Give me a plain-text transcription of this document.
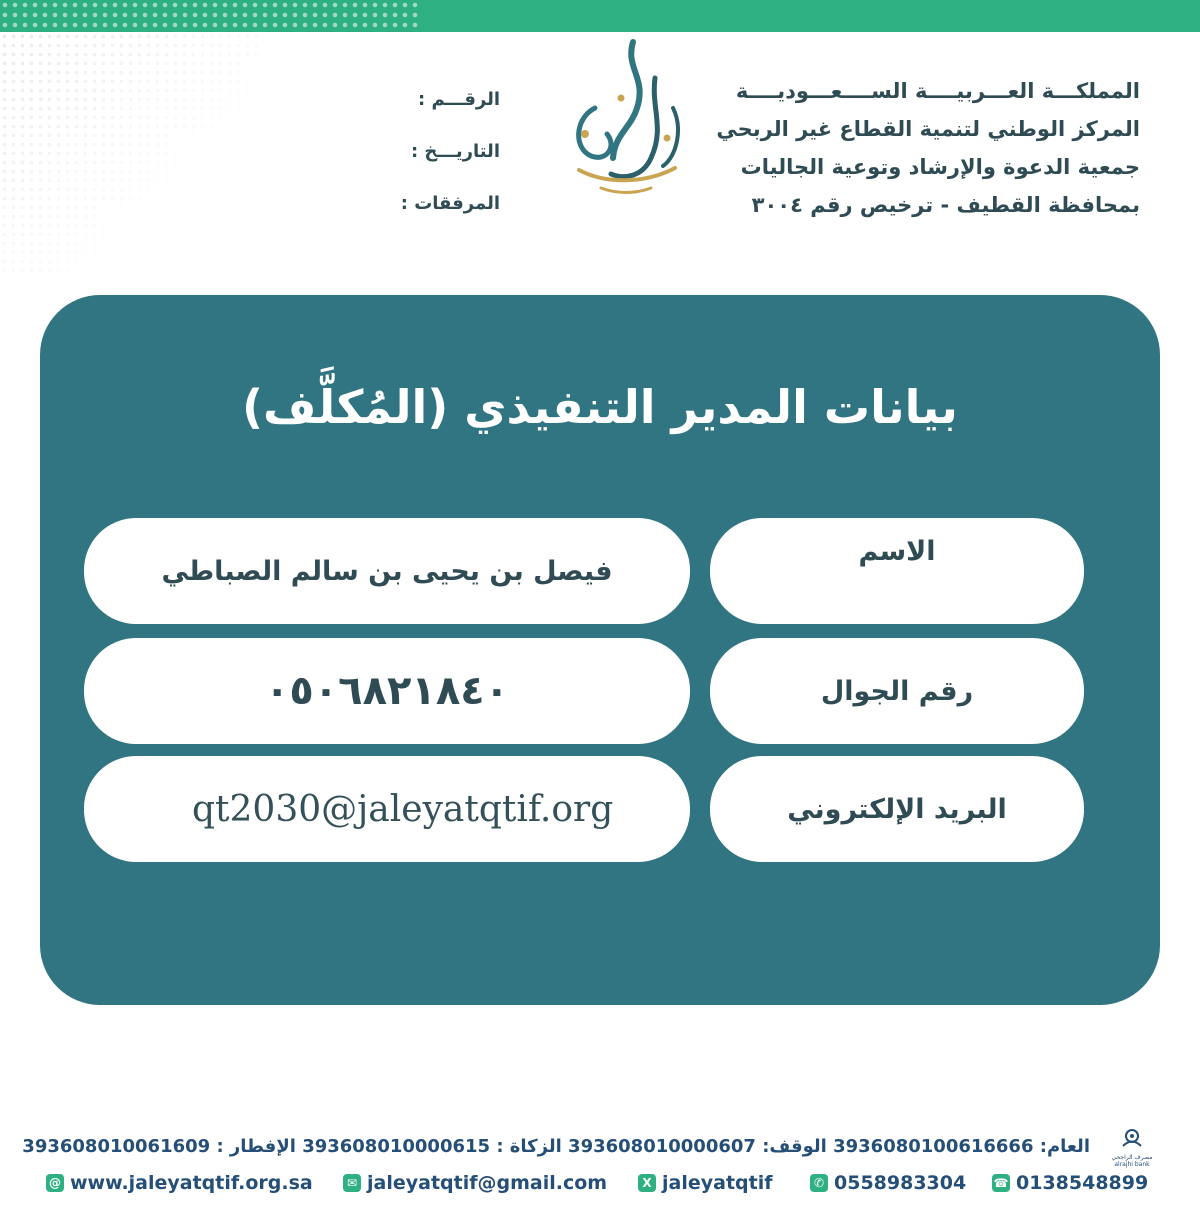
المملكـــة العـــربيــــة الســــعـــوديــــة
المركز الوطني لتنمية القطاع غير الربحي
جمعية الدعوة والإرشاد وتوعية الجاليات
بمحافظة القطيف - ترخيص رقم ٣٠٠٤
الرقـــم :
التاريـــخ :
المرفقات :
بيانات المدير التنفيذي (المُكلَّف)
الاسم
فيصل بن يحيى بن سالم الصباطي
رقم الجوال
٠٥٠٦٨٢١٨٤٠
البريد الإلكتروني
qt2030@jaleyatqtif.org
مصرف الراجحي
alrajhi bank
العام: 3936080100616666 الوقف: 393608010000607 الزكاة : 393608010000615 الإفطار : 393608010061609
@ www.jaleyatqtif.org.sa	✉ jaleyatqtif@gmail.com	X jaleyatqtif	✆ 0558983304 ☎ 0138548899
